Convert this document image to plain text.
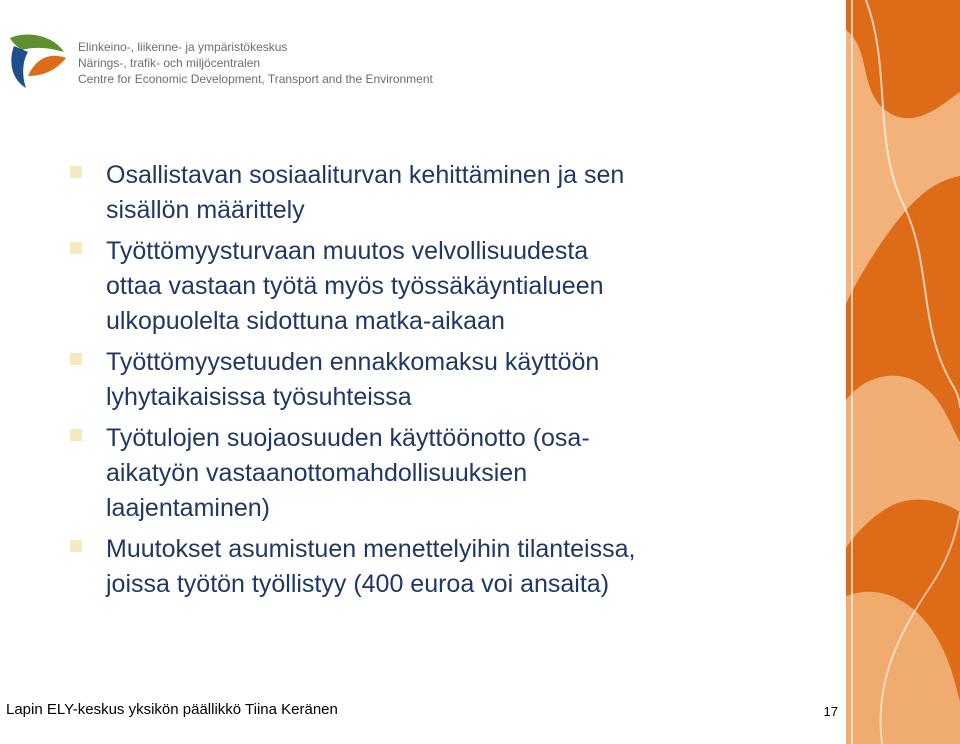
Elinkeino-, liikenne- ja ympäristökeskus
Närings-, trafik- och miljöcentralen
Centre for Economic Development, Transport and the Environment
Osallistavan sosiaaliturvan kehittäminen ja sen
sisällön määrittely
Työttömyysturvaan muutos velvollisuudesta
ottaa vastaan työtä myös työssäkäyntialueen
ulkopuolelta sidottuna matka-aikaan
Työttömyysetuuden ennakkomaksu käyttöön
lyhytaikaisissa työsuhteissa
Työtulojen suojaosuuden käyttöönotto (osa-
aikatyön vastaanottomahdollisuuksien
laajentaminen)
Muutokset asumistuen menettelyihin tilanteissa,
joissa työtön työllistyy (400 euroa voi ansaita)
Lapin ELY-keskus yksikön päällikkö Tiina Keränen	17
